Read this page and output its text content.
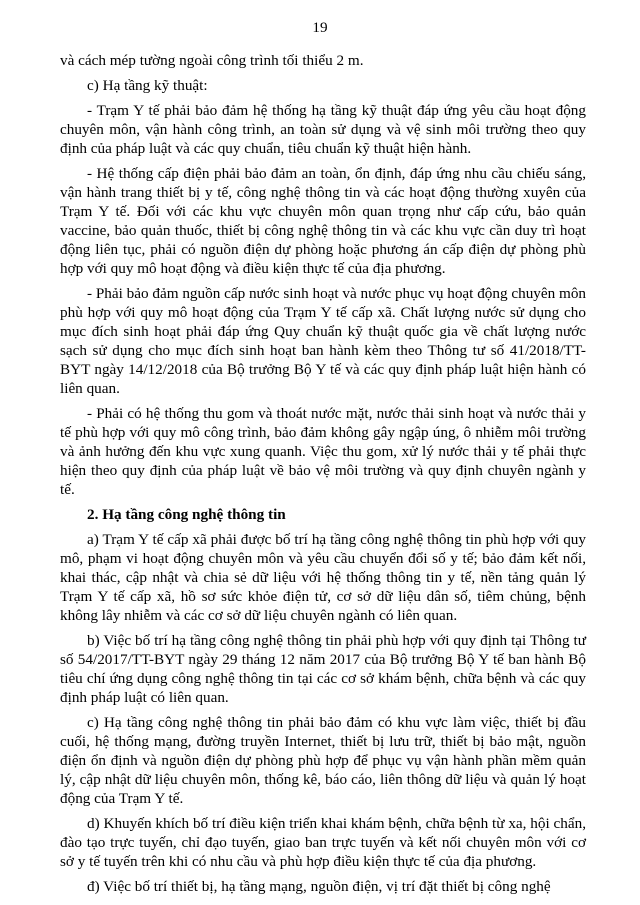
19

và cách mép tường ngoài công trình tối thiểu 2 m.

c) Hạ tầng kỹ thuật:

- Trạm Y tế phải bảo đảm hệ thống hạ tầng kỹ thuật đáp ứng yêu cầu hoạt động chuyên môn, vận hành công trình, an toàn sử dụng và vệ sinh môi trường theo quy định của pháp luật và các quy chuẩn, tiêu chuẩn kỹ thuật hiện hành.

- Hệ thống cấp điện phải bảo đảm an toàn, ổn định, đáp ứng nhu cầu chiếu sáng, vận hành trang thiết bị y tế, công nghệ thông tin và các hoạt động thường xuyên của Trạm Y tế. Đối với các khu vực chuyên môn quan trọng như cấp cứu, bảo quản vaccine, bảo quản thuốc, thiết bị công nghệ thông tin và các khu vực cần duy trì hoạt động liên tục, phải có nguồn điện dự phòng hoặc phương án cấp điện dự phòng phù hợp với quy mô hoạt động và điều kiện thực tế của địa phương.

- Phải bảo đảm nguồn cấp nước sinh hoạt và nước phục vụ hoạt động chuyên môn phù hợp với quy mô hoạt động của Trạm Y tế cấp xã. Chất lượng nước sử dụng cho mục đích sinh hoạt phải đáp ứng Quy chuẩn kỹ thuật quốc gia về chất lượng nước sạch sử dụng cho mục đích sinh hoạt ban hành kèm theo Thông tư số 41/2018/TT-BYT ngày 14/12/2018 của Bộ trưởng Bộ Y tế và các quy định pháp luật hiện hành có liên quan.

- Phải có hệ thống thu gom và thoát nước mặt, nước thải sinh hoạt và nước thải y tế phù hợp với quy mô công trình, bảo đảm không gây ngập úng, ô nhiễm môi trường và ảnh hưởng đến khu vực xung quanh. Việc thu gom, xử lý nước thải y tế phải thực hiện theo quy định của pháp luật về bảo vệ môi trường và quy định chuyên ngành y tế.

2. Hạ tầng công nghệ thông tin

a) Trạm Y tế cấp xã phải được bố trí hạ tầng công nghệ thông tin phù hợp với quy mô, phạm vi hoạt động chuyên môn và yêu cầu chuyển đổi số y tế; bảo đảm kết nối, khai thác, cập nhật và chia sẻ dữ liệu với hệ thống thông tin y tế, nền tảng quản lý Trạm Y tế cấp xã, hồ sơ sức khỏe điện tử, cơ sở dữ liệu dân số, tiêm chủng, bệnh không lây nhiễm và các cơ sở dữ liệu chuyên ngành có liên quan.

b) Việc bố trí hạ tầng công nghệ thông tin phải phù hợp với quy định tại Thông tư số 54/2017/TT-BYT ngày 29 tháng 12 năm 2017 của Bộ trưởng Bộ Y tế ban hành Bộ tiêu chí ứng dụng công nghệ thông tin tại các cơ sở khám bệnh, chữa bệnh và các quy định pháp luật có liên quan.

c) Hạ tầng công nghệ thông tin phải bảo đảm có khu vực làm việc, thiết bị đầu cuối, hệ thống mạng, đường truyền Internet, thiết bị lưu trữ, thiết bị bảo mật, nguồn điện ổn định và nguồn điện dự phòng phù hợp để phục vụ vận hành phần mềm quản lý, cập nhật dữ liệu chuyên môn, thống kê, báo cáo, liên thông dữ liệu và quản lý hoạt động của Trạm Y tế.

d) Khuyến khích bố trí điều kiện triển khai khám bệnh, chữa bệnh từ xa, hội chẩn, đào tạo trực tuyến, chỉ đạo tuyến, giao ban trực tuyến và kết nối chuyên môn với cơ sở y tế tuyến trên khi có nhu cầu và phù hợp điều kiện thực tế của địa phương.

đ) Việc bố trí thiết bị, hạ tầng mạng, nguồn điện, vị trí đặt thiết bị công nghệ
